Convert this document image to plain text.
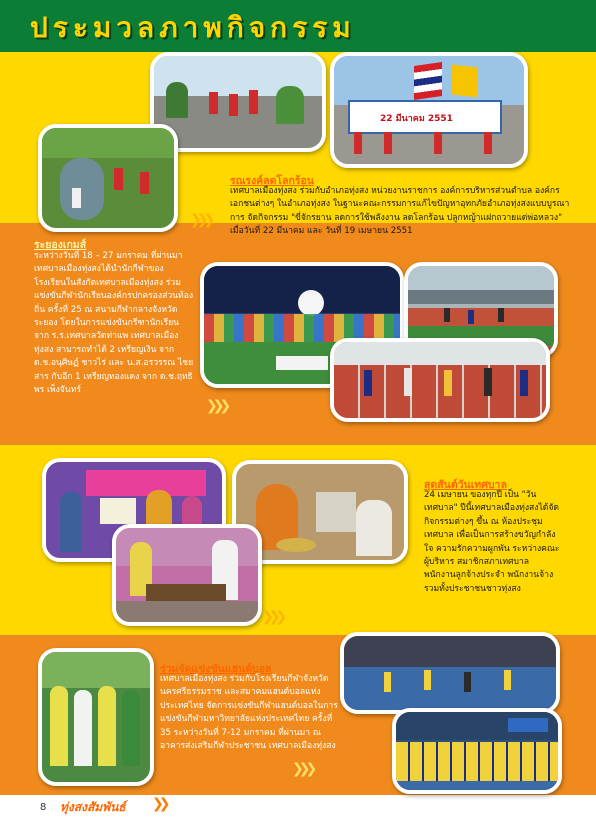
ประมวลภาพกิจกรรม
22 มีนาคม 2551
รณรงค์ลดโลกร้อน
เทศบาลเมืองทุ่งสง ร่วมกับอำเภอทุ่งสง หน่วยงานราชการ องค์การบริหารส่วนตำบล องค์กรเอกชนต่างๆ ในอำเภอทุ่งสง ในฐานะคณะกรรมการแก้ไขปัญหาอุทกภัยอำเภอทุ่งสงแบบบูรณาการ จัดกิจกรรม "ขี่จักรยาน ลดการใช้พลังงาน ลดโลกร้อน ปลูกหญ้าแฝกถวายแด่พ่อหลวง" เมื่อวันที่ 22 มีนาคม และ วันที่ 19 เมษายน 2551
❯❯❯
ระยองเกมส์
ระหว่างวันที่ 18 – 27 มกราคม ที่ผ่านมา เทศบาลเมืองทุ่งสงได้นำนักกีฬาของโรงเรียนในสังกัดเทศบาลเมืองทุ่งสง ร่วมแข่งขันกีฬานักเรียนองค์กรปกครองส่วนท้องถิ่น ครั้งที่ 25 ณ สนามกีฬากลางจังหวัดระยอง โดยในการแข่งขันกรีฑานักเรียนจาก ร.ร.เทศบาลวัดท่าแพ เทศบาลเมืองทุ่งสง สามารถทำได้ 2 เหรียญเงิน จาก ด.ช.อนุศิษฏ์ ชาวไร่ และ น.ส.อรวรรณ ไชยสาร กับอีก 1 เหรียญทองแดง จาก ด.ช.ฤทธิพร เพ็งจันทร์
❯❯❯
สุดสันต์วันเทศบาล
24 เมษายน ของทุกปี เป็น "วันเทศบาล" ปีนี้เทศบาลเมืองทุ่งสงได้จัดกิจกรรมต่างๆ ขึ้น ณ ห้องประชุมเทศบาล เพื่อเป็นการสร้างขวัญกำลังใจ ความรักความผูกพัน ระหว่างคณะผู้บริหาร สมาชิกสภาเทศบาล พนักงานลูกจ้างประจำ พนักงานจ้าง รวมทั้งประชาชนชาวทุ่งสง
❯❯❯
ร่วมจัดแข่งขันแฮนด์บอล
เทศบาลเมืองทุ่งสง ร่วมกับโรงเรียนกีฬาจังหวัดนครศรีธรรมราช และสมาคมแฮนด์บอลแห่งประเทศไทย จัดการแข่งขันกีฬาแฮนด์บอลในการแข่งขันกีฬามหาวิทยาลัยแห่งประเทศไทย ครั้งที่ 35 ระหว่างวันที่ 7-12 มกราคม ที่ผ่านมา ณ อาคารส่งเสริมกีฬาประชาชน เทศบาลเมืองทุ่งสง
❯❯❯
8 ทุ่งสงสัมพันธ์ ❯❯
